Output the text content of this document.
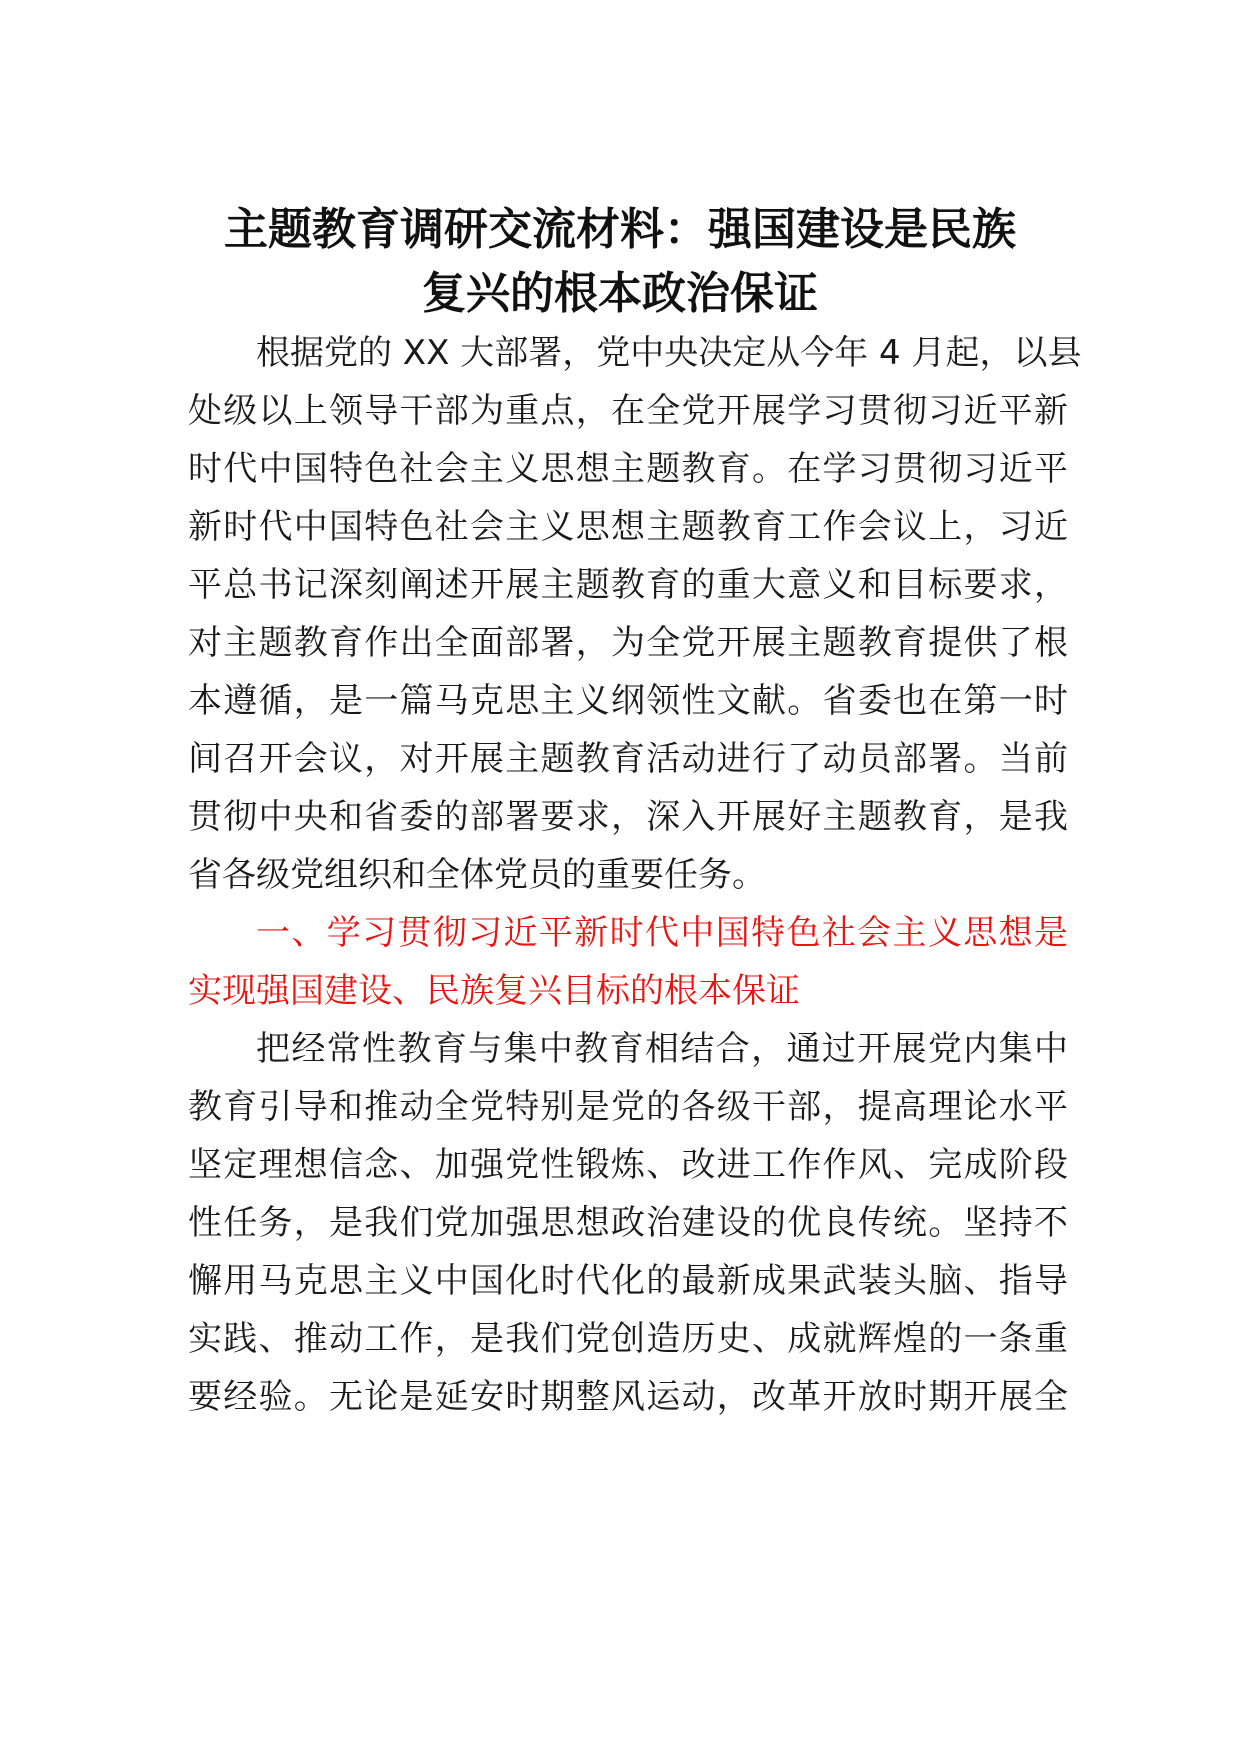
主题教育调研交流材料：强国建设是民族
复兴的根本政治保证

根据党的 XX 大部署，党中央决定从今年 4 月起，以县

处级以上领导干部为重点，在全党开展学习贯彻习近平新

时代中国特色社会主义思想主题教育。在学习贯彻习近平

新时代中国特色社会主义思想主题教育工作会议上，习近

平总书记深刻阐述开展主题教育的重大意义和目标要求，

对主题教育作出全面部署，为全党开展主题教育提供了根

本遵循，是一篇马克思主义纲领性文献。省委也在第一时

间召开会议，对开展主题教育活动进行了动员部署。当前

贯彻中央和省委的部署要求，深入开展好主题教育，是我

省各级党组织和全体党员的重要任务。

一、学习贯彻习近平新时代中国特色社会主义思想是

实现强国建设、民族复兴目标的根本保证

把经常性教育与集中教育相结合，通过开展党内集中

教育引导和推动全党特别是党的各级干部，提高理论水平

坚定理想信念、加强党性锻炼、改进工作作风、完成阶段

性任务，是我们党加强思想政治建设的优良传统。坚持不

懈用马克思主义中国化时代化的最新成果武装头脑、指导

实践、推动工作，是我们党创造历史、成就辉煌的一条重

要经验。无论是延安时期整风运动，改革开放时期开展全
